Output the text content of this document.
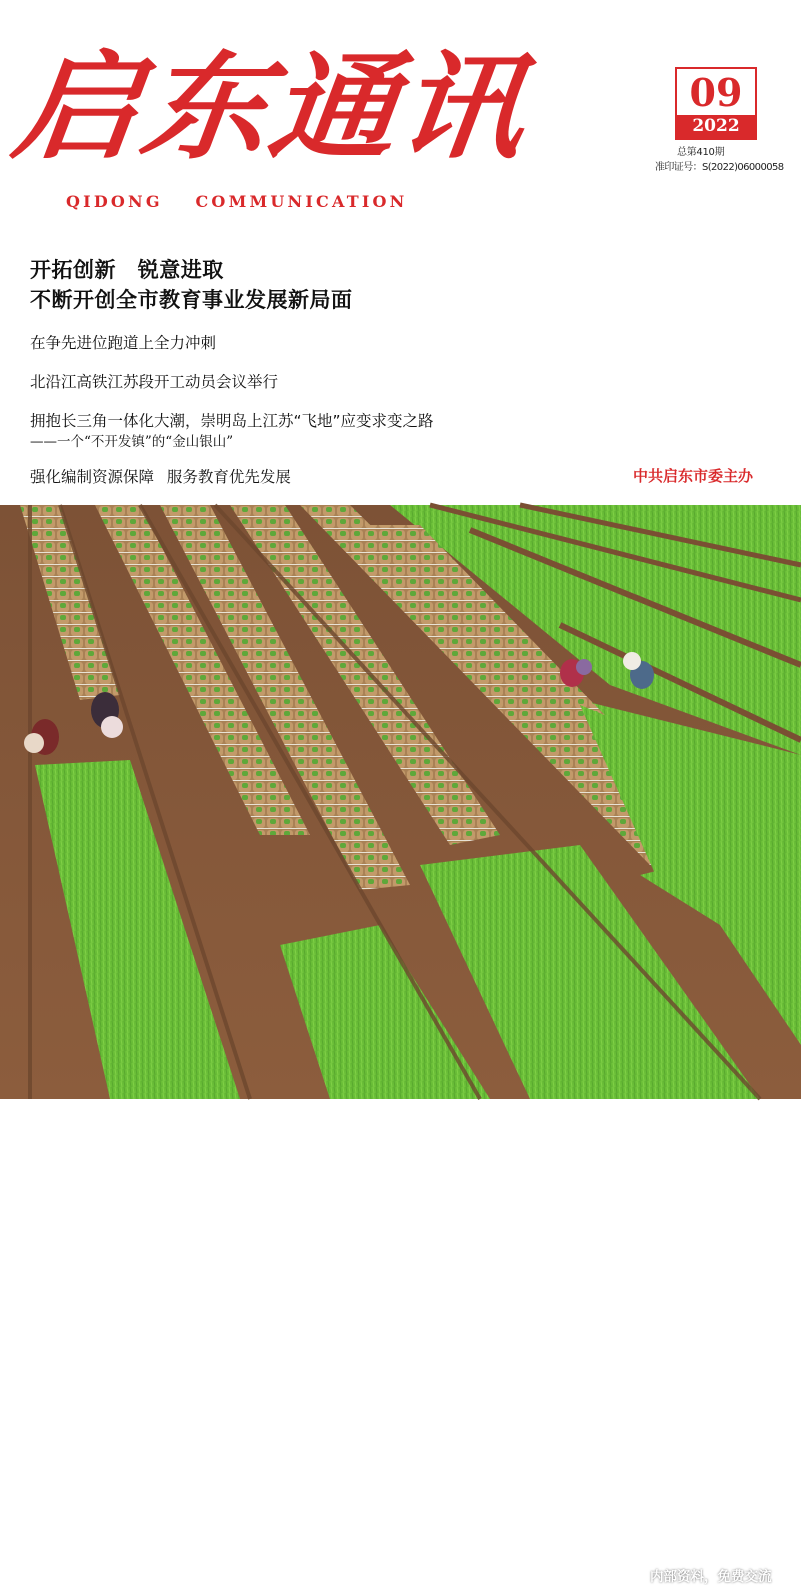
启东通讯
QIDONG COMMUNICATION
09
2022
总第410期
准印证号：S(2022)06000058
开拓创新 锐意进取
不断开创全市教育事业发展新局面
在争先进位跑道上全力冲刺
北沿江高铁江苏段开工动员会议举行
拥抱长三角一体化大潮，崇明岛上江苏“飞地”应变求变之路
——一个“不开发镇”的“金山银山”
强化编制资源保障 服务教育优先发展	中共启东市委主办
内部资料，免费交流
